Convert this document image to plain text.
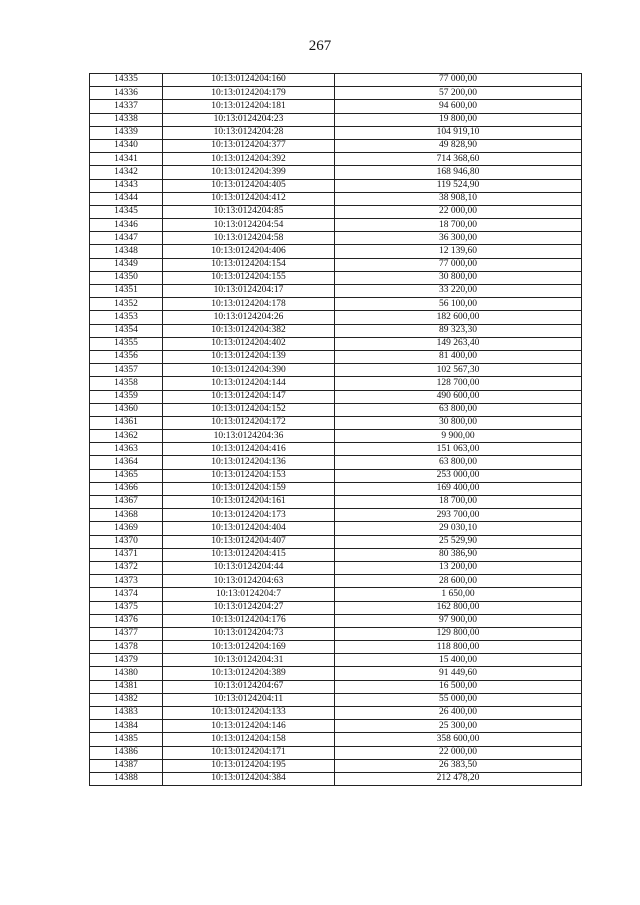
267
14335	10:13:0124204:160	77 000,00
14336	10:13:0124204:179	57 200,00
14337	10:13:0124204:181	94 600,00
14338	10:13:0124204:23	19 800,00
14339	10:13:0124204:28	104 919,10
14340	10:13:0124204:377	49 828,90
14341	10:13:0124204:392	714 368,60
14342	10:13:0124204:399	168 946,80
14343	10:13:0124204:405	119 524,90
14344	10:13:0124204:412	38 908,10
14345	10:13:0124204:85	22 000,00
14346	10:13:0124204:54	18 700,00
14347	10:13:0124204:58	36 300,00
14348	10:13:0124204:406	12 139,60
14349	10:13:0124204:154	77 000,00
14350	10:13:0124204:155	30 800,00
14351	10:13:0124204:17	33 220,00
14352	10:13:0124204:178	56 100,00
14353	10:13:0124204:26	182 600,00
14354	10:13:0124204:382	89 323,30
14355	10:13:0124204:402	149 263,40
14356	10:13:0124204:139	81 400,00
14357	10:13:0124204:390	102 567,30
14358	10:13:0124204:144	128 700,00
14359	10:13:0124204:147	490 600,00
14360	10:13:0124204:152	63 800,00
14361	10:13:0124204:172	30 800,00
14362	10:13:0124204:36	9 900,00
14363	10:13:0124204:416	151 063,00
14364	10:13:0124204:136	63 800,00
14365	10:13:0124204:153	253 000,00
14366	10:13:0124204:159	169 400,00
14367	10:13:0124204:161	18 700,00
14368	10:13:0124204:173	293 700,00
14369	10:13:0124204:404	29 030,10
14370	10:13:0124204:407	25 529,90
14371	10:13:0124204:415	80 386,90
14372	10:13:0124204:44	13 200,00
14373	10:13:0124204:63	28 600,00
14374	10:13:0124204:7	1 650,00
14375	10:13:0124204:27	162 800,00
14376	10:13:0124204:176	97 900,00
14377	10:13:0124204:73	129 800,00
14378	10:13:0124204:169	118 800,00
14379	10:13:0124204:31	15 400,00
14380	10:13:0124204:389	91 449,60
14381	10:13:0124204:67	16 500,00
14382	10:13:0124204:11	55 000,00
14383	10:13:0124204:133	26 400,00
14384	10:13:0124204:146	25 300,00
14385	10:13:0124204:158	358 600,00
14386	10:13:0124204:171	22 000,00
14387	10:13:0124204:195	26 383,50
14388	10:13:0124204:384	212 478,20
